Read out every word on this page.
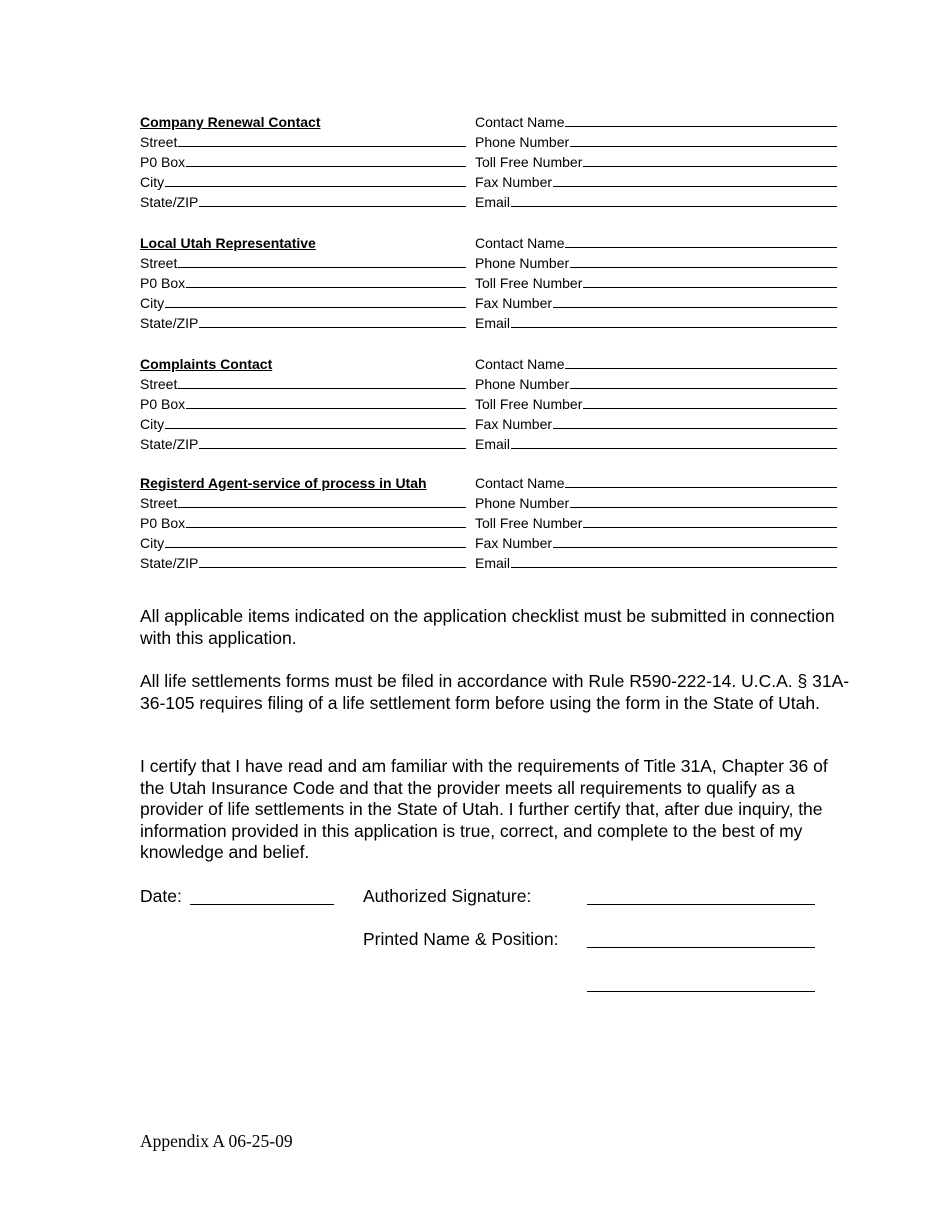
Company Renewal Contact	Contact Name
Street	Phone Number
P0 Box	Toll Free Number
City	Fax Number
State/ZIP	Email
Local Utah Representative	Contact Name
Street	Phone Number
P0 Box	Toll Free Number
City	Fax Number
State/ZIP	Email
Complaints Contact	Contact Name
Street	Phone Number
P0 Box	Toll Free Number
City	Fax Number
State/ZIP	Email
Registerd Agent-service of process in Utah	Contact Name
Street	Phone Number
P0 Box	Toll Free Number
City	Fax Number
State/ZIP	Email

All applicable items indicated on the application checklist must be submitted in connection with this application.

All life settlements forms must be filed in accordance with Rule R590-222-14. U.C.A. § 31A-36-105 requires filing of a life settlement form before using the form in the State of Utah.

I certify that I have read and am familiar with the requirements of Title 31A, Chapter 36 of the Utah Insurance Code and that the provider meets all requirements to qualify as a provider of life settlements in the State of Utah. I further certify that, after due inquiry, the information provided in this application is true, correct, and complete to the best of my knowledge and belief.

Date:	Authorized Signature:
Printed Name & Position:
Appendix A 06-25-09
